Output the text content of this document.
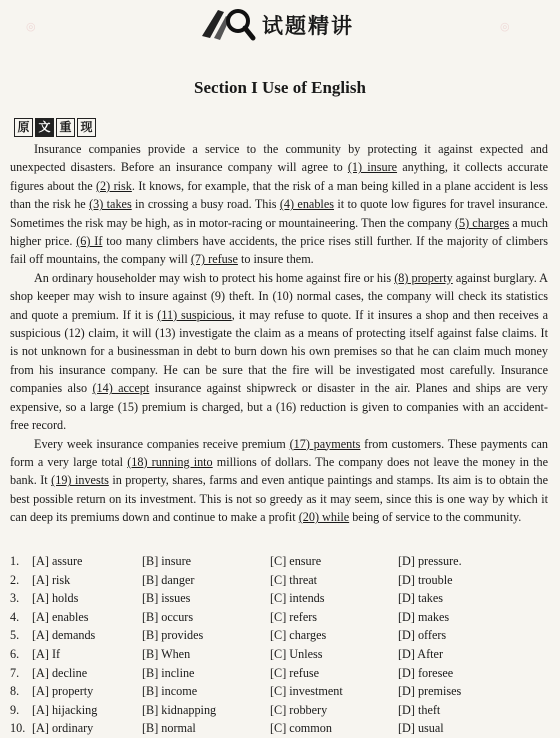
试题精讲
Section I Use of English
原 文 重 现

Insurance companies provide a service to the community by protecting it against expected and unexpected disasters. Before an insurance company will agree to (1) insure anything, it collects accurate figures about the (2) risk. It knows, for example, that the risk of a man being killed in a plane accident is less than the risk he (3) takes in crossing a busy road. This (4) enables it to quote low figures for travel insurance. Sometimes the risk may be high, as in motor-racing or mountaineering. Then the company (5) charges a much higher price. (6) If too many climbers have accidents, the price rises still further. If the majority of climbers fail off mountains, the company will (7) refuse to insure them.

An ordinary householder may wish to protect his home against fire or his (8) property against burglary. A shop keeper may wish to insure against (9) theft. In (10) normal cases, the company will check its statistics and quote a premium. If it is (11) suspicious, it may refuse to quote. If it insures a shop and then receives a suspicious (12) claim, it will (13) investigate the claim as a means of protecting itself against false claims. It is not unknown for a businessman in debt to burn down his own premises so that he can claim much money from his insurance company. He can be sure that the fire will be investigated most carefully. Insurance companies also (14) accept insurance against shipwreck or disaster in the air. Planes and ships are very expensive, so a large (15) premium is charged, but a (16) reduction is given to companies with an accident-free record.

Every week insurance companies receive premium (17) payments from customers. These payments can form a very large total (18) running into millions of dollars. The company does not leave the money in the bank. It (19) invests in property, shares, farms and even antique paintings and stamps. Its aim is to obtain the best possible return on its investment. This is not so greedy as it may seem, since this is one way by which it can deep its premiums down and continue to make a profit (20) while being of service to the community.

1.	[A] assure	[B] insure	[C] ensure	[D] pressure.
2.	[A] risk	[B] danger	[C] threat	[D] trouble
3.	[A] holds	[B] issues	[C] intends	[D] takes
4.	[A] enables	[B] occurs	[C] refers	[D] makes
5.	[A] demands	[B] provides	[C] charges	[D] offers
6.	[A] If	[B] When	[C] Unless	[D] After
7.	[A] decline	[B] incline	[C] refuse	[D] foresee
8.	[A] property	[B] income	[C] investment	[D] premises
9.	[A] hijacking	[B] kidnapping	[C] robbery	[D] theft
10. [A] ordinary	[B] normal	[C] common	[D] usual
◎	◎
